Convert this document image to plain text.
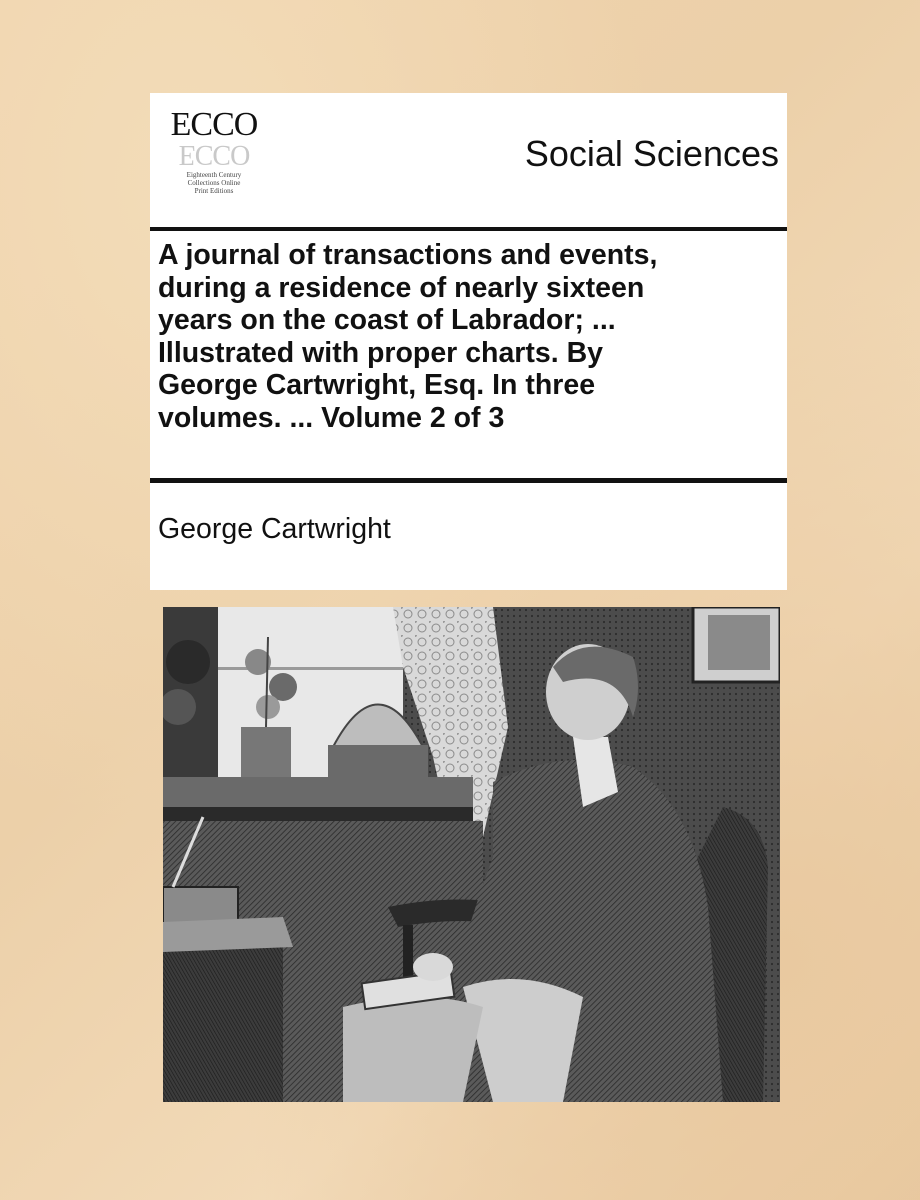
ECCO
ECCO
Eighteenth Century
Collections Online
Print Editions
Social Sciences
A journal of transactions and events,
during a residence of nearly sixteen
years on the coast of Labrador; ...
Illustrated with proper charts. By
George Cartwright, Esq. In three
volumes. ... Volume 2 of 3
George Cartwright
